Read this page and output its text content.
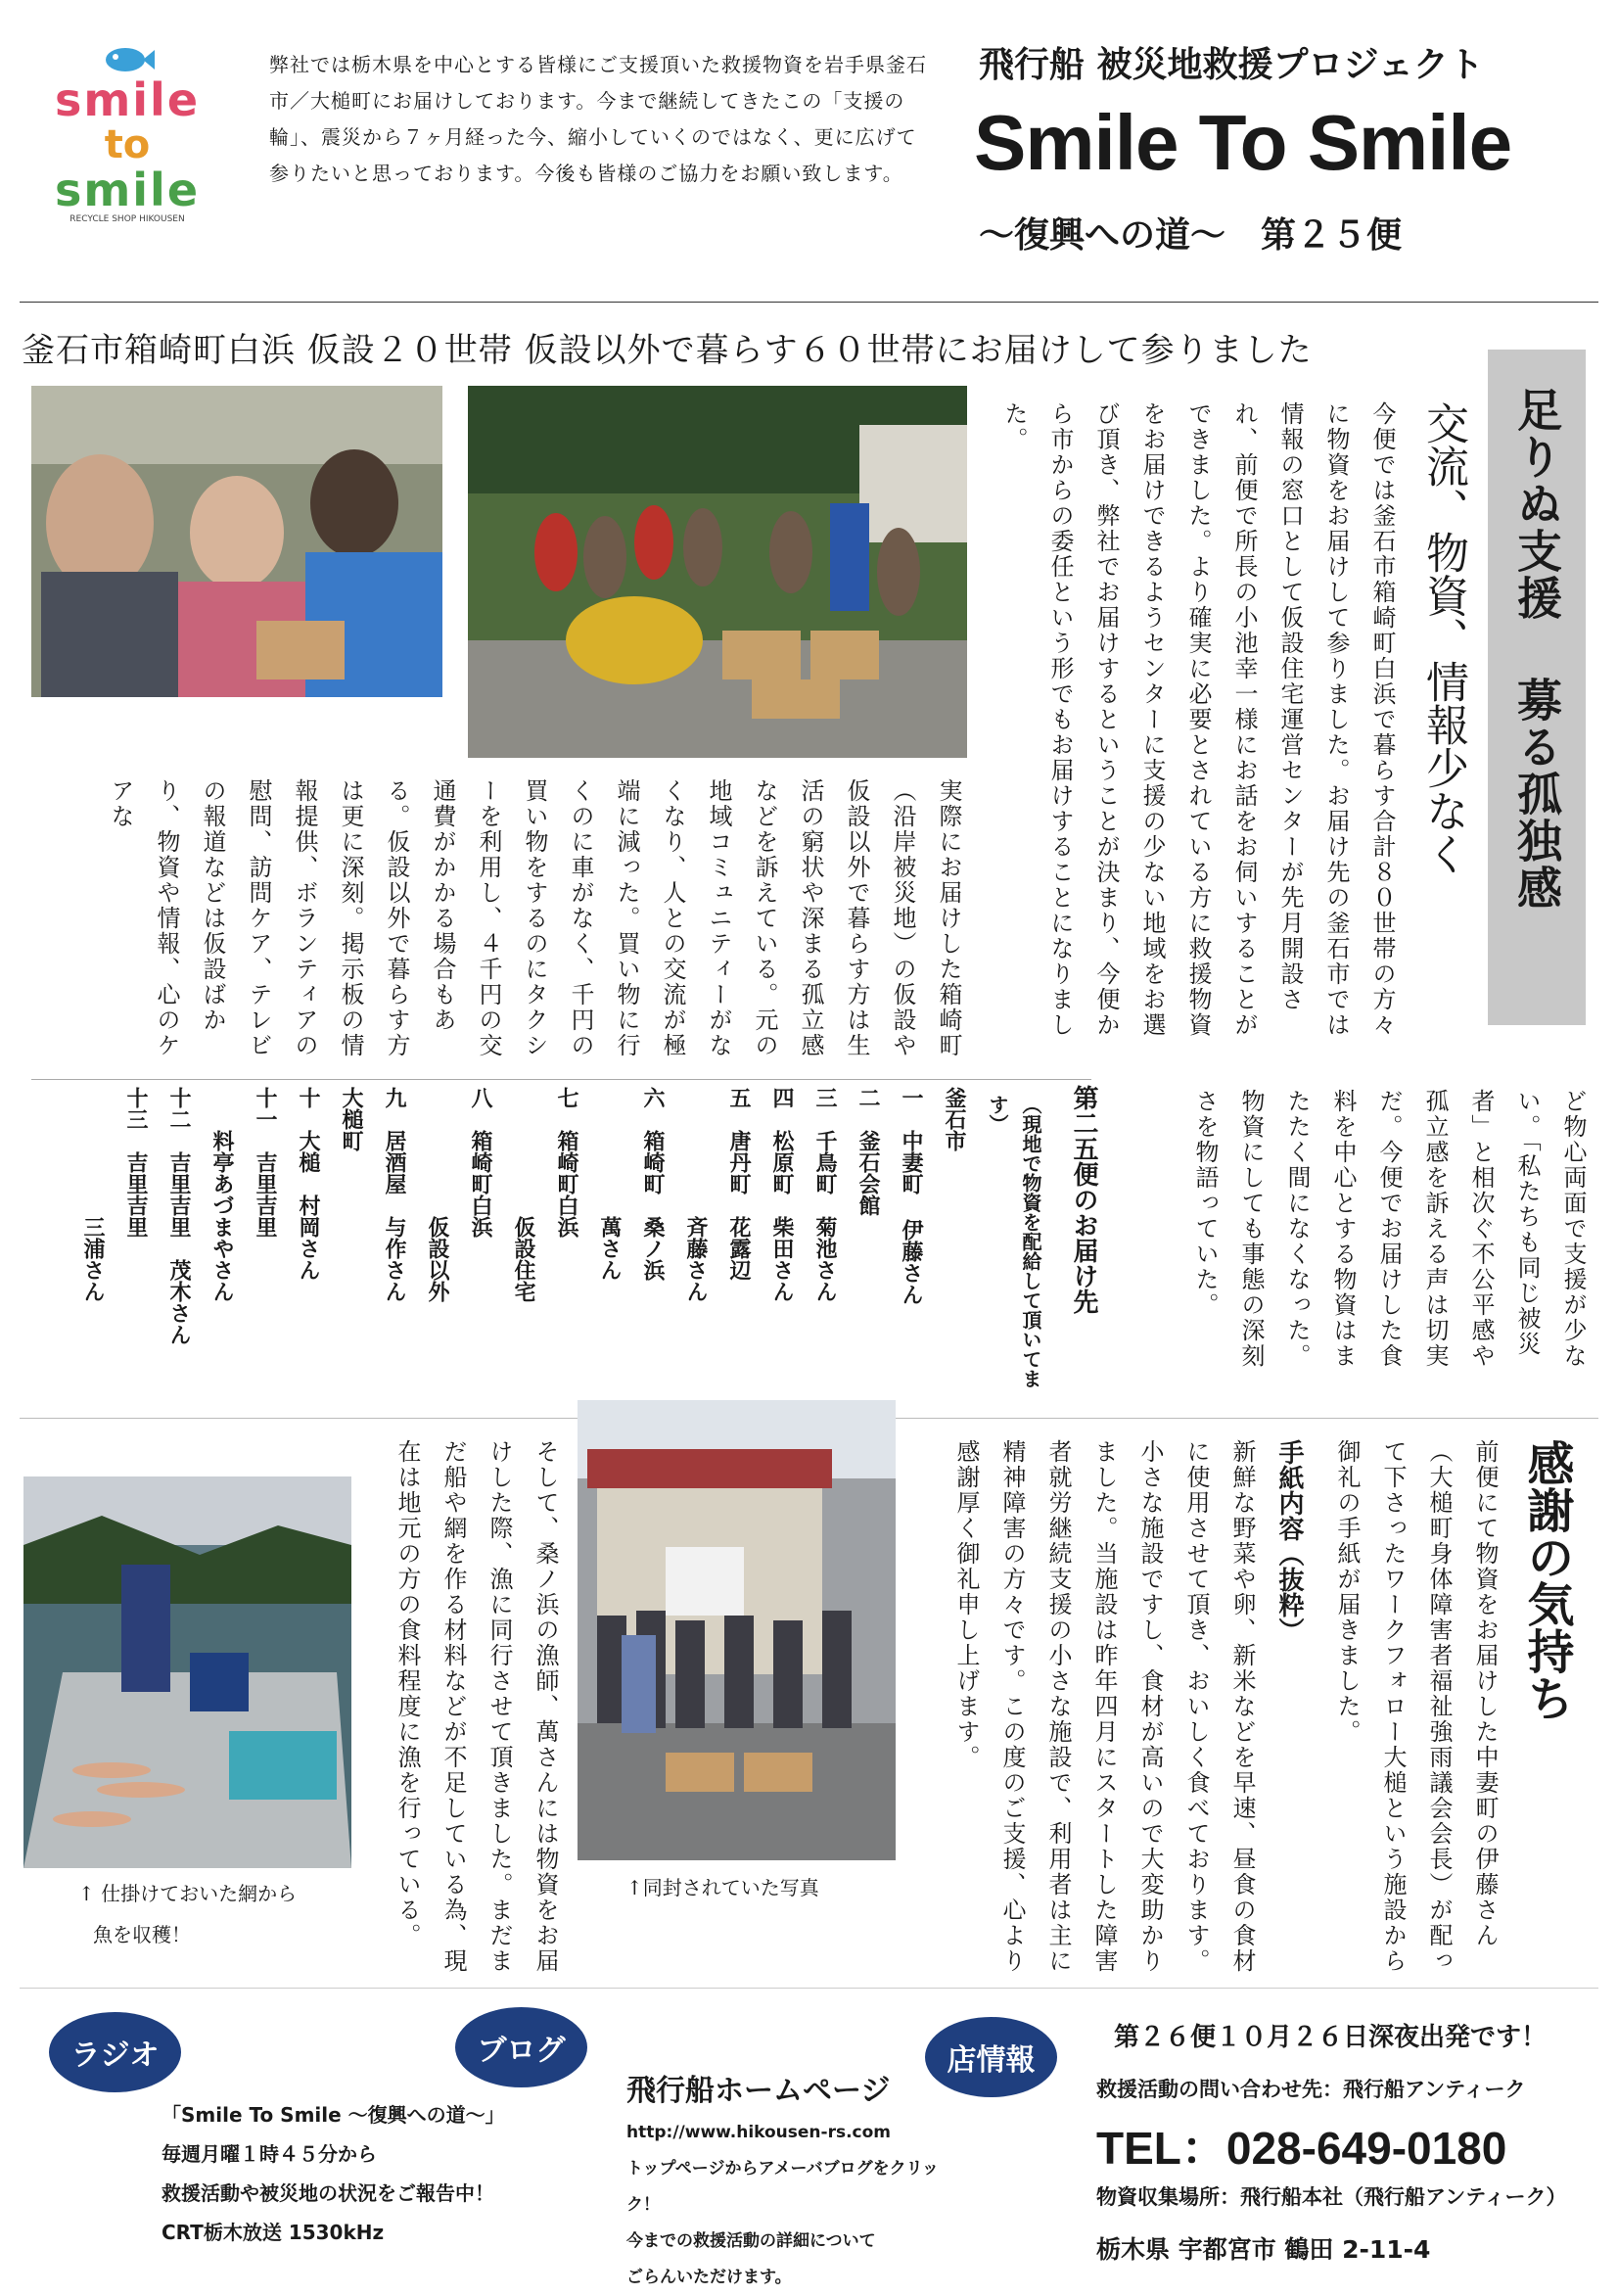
smile
to
smile
RECYCLE SHOP HIKOUSEN
弊社では栃木県を中心とする皆様にご支援頂いた救援物資を岩手県釜石市／大槌町にお届けしております。今まで継続してきたこの「支援の輪」、震災から７ヶ月経った今、縮小していくのではなく、更に広げて参りたいと思っております。今後も皆様のご協力をお願い致します。
飛行船 被災地救援プロジェクト
Smile To Smile
〜復興への道〜　第２５便
釜石市箱崎町白浜 仮設２０世帯 仮設以外で暮らす６０世帯にお届けして参りました
足りぬ支援 募る孤独感
交流、物資、情報少なく
今便では釜石市箱崎町白浜で暮らす合計８０世帯の方々に物資をお届けして参りました。お届け先の釜石市では情報の窓口として仮設住宅運営センターが先月開設され、前便で所長の小池幸一様にお話をお伺いすることができました。より確実に必要とされている方に救援物資をお届けできるようセンターに支援の少ない地域をお選び頂き、弊社でお届けするということが決まり、今便から市からの委任という形でもお届けすることになりました。
実際にお届けした箱崎町（沿岸被災地）の仮設や仮設以外で暮らす方は生活の窮状や深まる孤立感などを訴えている。元の地域コミュニティーがなくなり、人との交流が極端に減った。買い物に行くのに車がなく、千円の買い物をするのにタクシーを利用し、４千円の交通費がかかる場合もある。仮設以外で暮らす方は更に深刻。掲示板の情報提供、ボランティアの慰問、訪問ケア、テレビの報道などは仮設ばかり、物資や情報、心のケアな
ど物心両面で支援が少ない。「私たちも同じ被災者」と相次ぐ不公平感や孤立感を訴える声は切実だ。今便でお届けした食料を中心とする物資はまたたく間になくなった。物資にしても事態の深刻さを物語っていた。
第二五便のお届け先
（現地で物資を配給して頂いてます）
釜石市
一　中妻町 伊藤さん
二　釜石会館
三　千鳥町　菊池さん
四　松原町　柴田さん
五　唐丹町　花露辺
　　　　　　斉藤さん
六　箱崎町　桑ノ浜
　　　　　　萬さん
七　箱崎町白浜
　　　　　　仮設住宅
八　箱崎町白浜
　　　　　　仮設以外
九　居酒屋　与作さん
大槌町
十　大槌　村岡さん
十一　吉里吉里
　　料亭あづまやさん
十二　吉里吉里　茂木さん
十三　吉里吉里
　　　　　　三浦さん
感謝の気持ち
前便にて物資をお届けした中妻町の伊藤さん（大槌町身体障害者福祉強雨議会会長）が配って下さったワークフォロー大槌という施設から御礼の手紙が届きました。
手紙内容（抜粋）
新鮮な野菜や卵、新米などを早速、昼食の食材に使用させて頂き、おいしく食べております。小さな施設ですし、食材が高いので大変助かりました。当施設は昨年四月にスタートした障害者就労継続支援の小さな施設で、利用者は主に精神障害の方々です。この度のご支援、心より感謝厚く御礼申し上げます。
↑同封されていた写真
そして、桑ノ浜の漁師、萬さんには物資をお届けした際、漁に同行させて頂きました。まだまだ船や網を作る材料などが不足している為、現在は地元の方の食料程度に漁を行っている。
↑ 仕掛けておいた網から
魚を収穫！
ラジオ	ブログ	店情報
「Smile To Smile 〜復興への道〜」
毎週月曜１時４５分から
救援活動や被災地の状況をご報告中！
CRT栃木放送 1530kHz
飛行船ホームページ
http://www.hikousen-rs.com
トップページからアメーバブログをクリック！
今までの救援活動の詳細について
ごらんいただけます。
第２６便１０月２６日深夜出発です！
救援活動の問い合わせ先：飛行船アンティーク
TEL：028-649-0180
物資収集場所：飛行船本社（飛行船アンティーク）
栃木県 宇都宮市 鶴田 2-11-4
